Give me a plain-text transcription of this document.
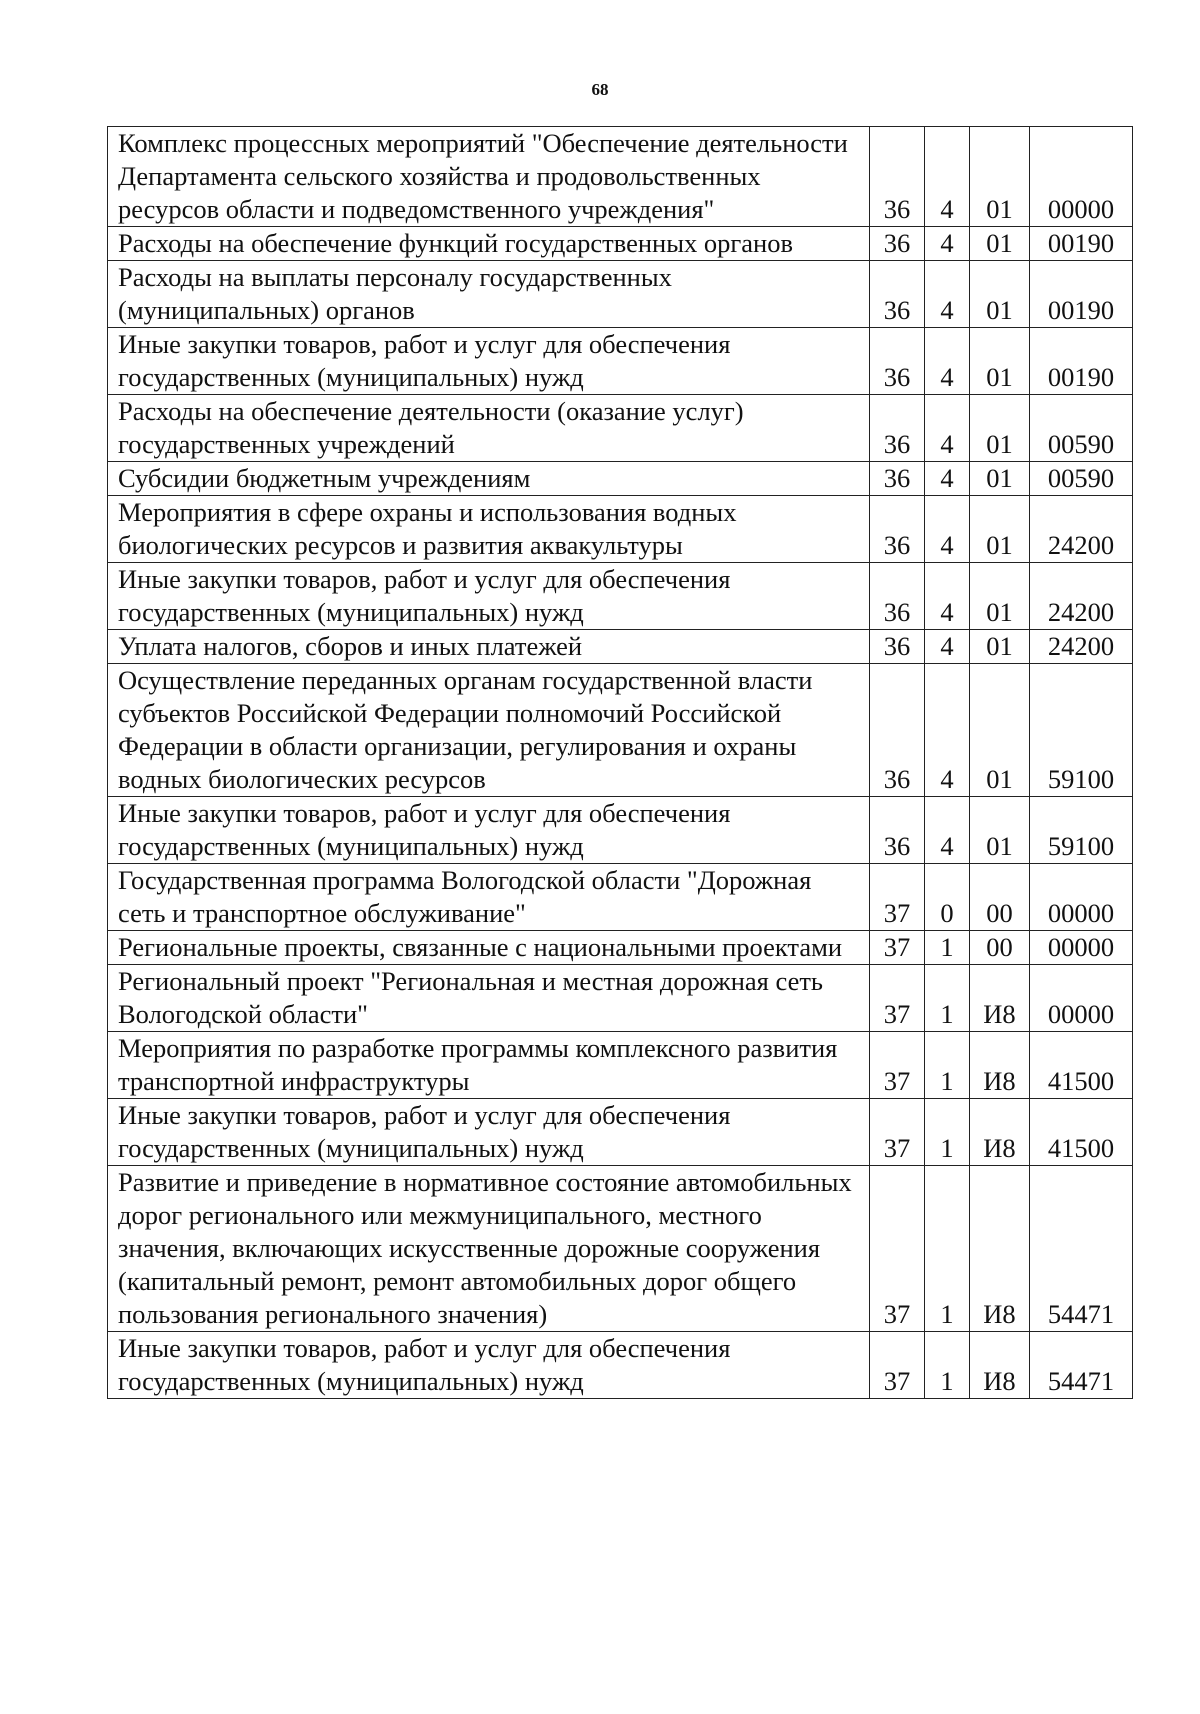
68
Комплекс процессных мероприятий "Обеспечение деятельности Департамента сельского хозяйства и продовольственных ресурсов области и подведомственного учреждения"	36	4	01	00000
Расходы на обеспечение функций государственных органов	36	4	01	00190
Расходы на выплаты персоналу государственных (муниципальных) органов	36	4	01	00190
Иные закупки товаров, работ и услуг для обеспечения государственных (муниципальных) нужд	36	4	01	00190
Расходы на обеспечение деятельности (оказание услуг) государственных учреждений	36	4	01	00590
Субсидии бюджетным учреждениям	36	4	01	00590
Мероприятия в сфере охраны и использования водных биологических ресурсов и развития аквакультуры	36	4	01	24200
Иные закупки товаров, работ и услуг для обеспечения государственных (муниципальных) нужд	36	4	01	24200
Уплата налогов, сборов и иных платежей	36	4	01	24200
Осуществление переданных органам государственной власти субъектов Российской Федерации полномочий Российской Федерации в области организации, регулирования и охраны водных биологических ресурсов	36	4	01	59100
Иные закупки товаров, работ и услуг для обеспечения государственных (муниципальных) нужд	36	4	01	59100
Государственная программа Вологодской области "Дорожная сеть и транспортное обслуживание"	37	0	00	00000
Региональные проекты, связанные с национальными проектами	37	1	00	00000
Региональный проект "Региональная и местная дорожная сеть Вологодской области"	37	1	И8	00000
Мероприятия по разработке программы комплексного развития транспортной инфраструктуры	37	1	И8	41500
Иные закупки товаров, работ и услуг для обеспечения государственных (муниципальных) нужд	37	1	И8	41500
Развитие и приведение в нормативное состояние автомобильных дорог регионального или межмуниципального, местного значения, включающих искусственные дорожные сооружения (капитальный ремонт, ремонт автомобильных дорог общего пользования регионального значения)	37	1	И8	54471
Иные закупки товаров, работ и услуг для обеспечения государственных (муниципальных) нужд	37	1	И8	54471
